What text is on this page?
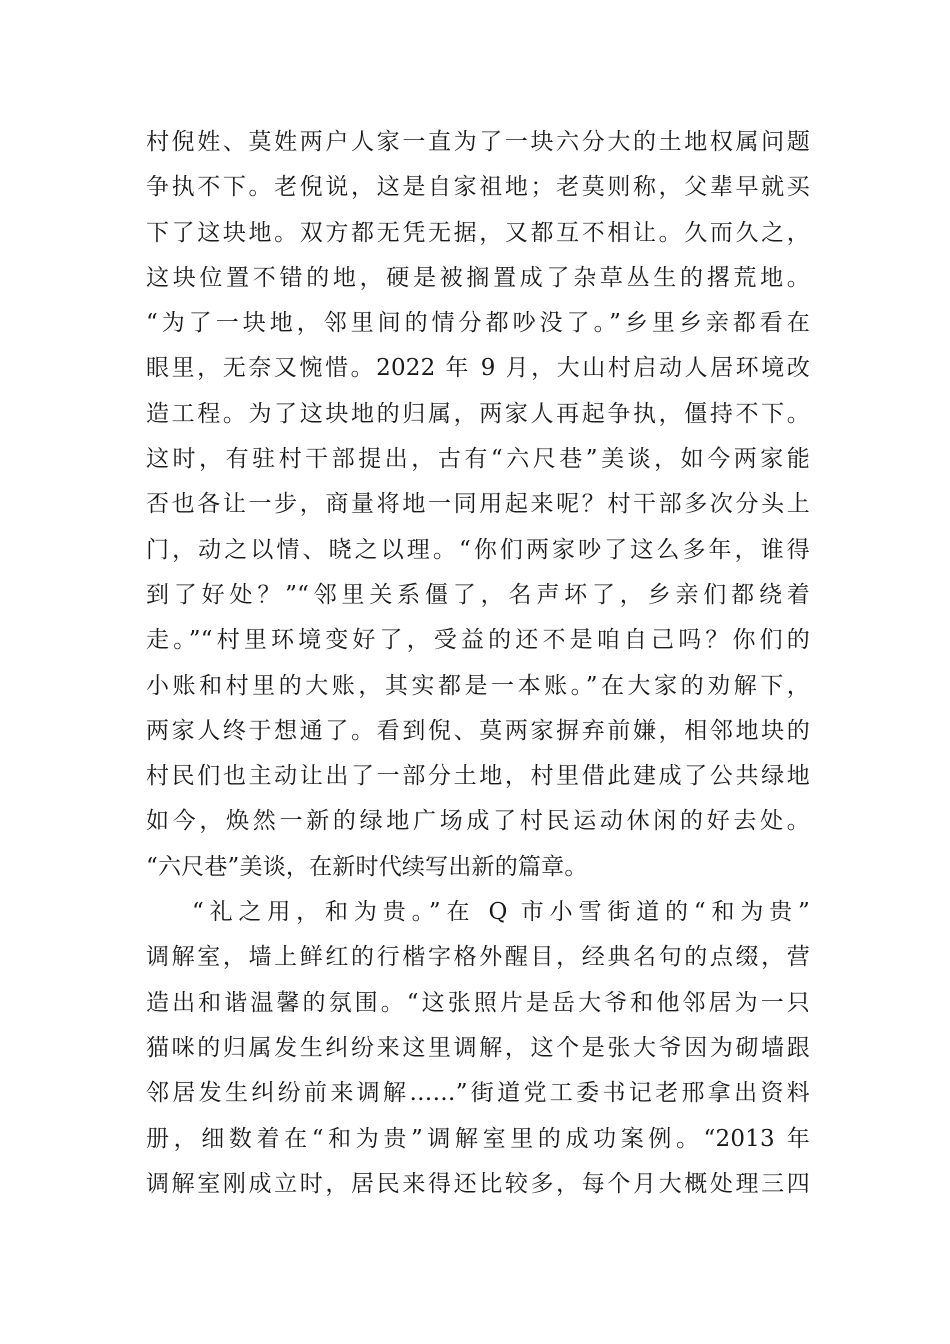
村倪姓、莫姓两户人家一直为了一块六分大的土地权属问题
争执不下。老倪说，这是自家祖地；老莫则称，父辈早就买
下了这块地。双方都无凭无据，又都互不相让。久而久之，
这块位置不错的地，硬是被搁置成了杂草丛生的撂荒地。
“为了一块地，邻里间的情分都吵没了。”乡里乡亲都看在
眼里，无奈又惋惜。2022 年 9 月，大山村启动人居环境改
造工程。为了这块地的归属，两家人再起争执，僵持不下。
这时，有驻村干部提出，古有“六尺巷”美谈，如今两家能
否也各让一步，商量将地一同用起来呢？村干部多次分头上
门，动之以情、晓之以理。“你们两家吵了这么多年，谁得
到了好处？”“邻里关系僵了，名声坏了，乡亲们都绕着
走。”“村里环境变好了，受益的还不是咱自己吗？你们的
小账和村里的大账，其实都是一本账。”在大家的劝解下，
两家人终于想通了。看到倪、莫两家摒弃前嫌，相邻地块的
村民们也主动让出了一部分土地，村里借此建成了公共绿地
如今，焕然一新的绿地广场成了村民运动休闲的好去处。
“六尺巷”美谈，在新时代续写出新的篇章。
“礼之用，和为贵。”在 Q 市小雪街道的“和为贵”
调解室，墙上鲜红的行楷字格外醒目，经典名句的点缀，营
造出和谐温馨的氛围。“这张照片是岳大爷和他邻居为一只
猫咪的归属发生纠纷来这里调解，这个是张大爷因为砌墙跟
邻居发生纠纷前来调解……”街道党工委书记老邢拿出资料
册，细数着在“和为贵”调解室里的成功案例。“2013 年
调解室刚成立时，居民来得还比较多，每个月大概处理三四
